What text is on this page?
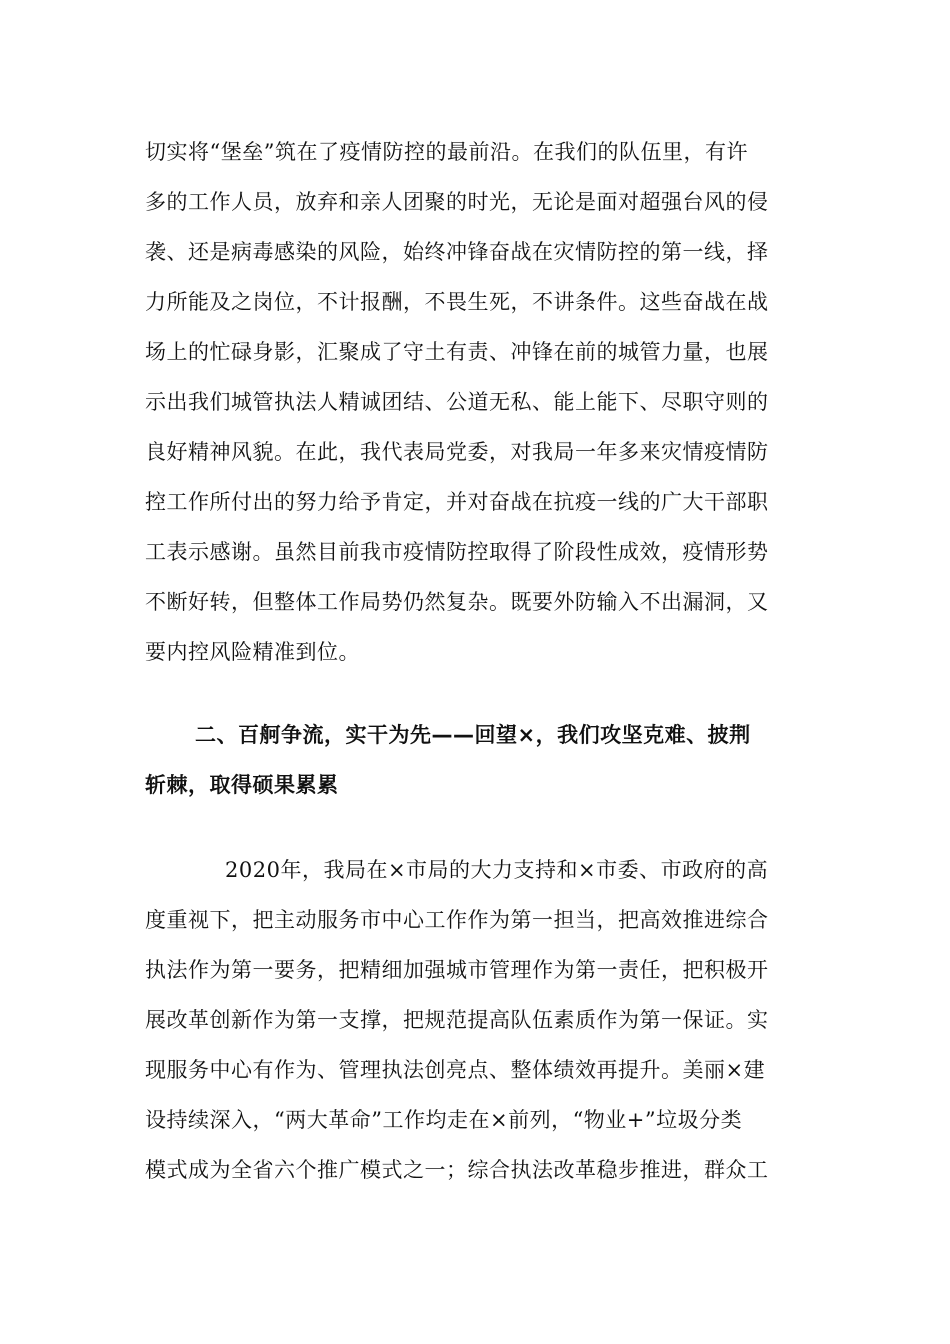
切实将“堡垒”筑在了疫情防控的最前沿。在我们的队伍里，有许
多的工作人员，放弃和亲人团聚的时光，无论是面对超强台风的侵
袭、还是病毒感染的风险，始终冲锋奋战在灾情防控的第一线，择
力所能及之岗位，不计报酬，不畏生死，不讲条件。这些奋战在战
场上的忙碌身影，汇聚成了守土有责、冲锋在前的城管力量，也展
示出我们城管执法人精诚团结、公道无私、能上能下、尽职守则的
良好精神风貌。在此，我代表局党委，对我局一年多来灾情疫情防
控工作所付出的努力给予肯定，并对奋战在抗疫一线的广大干部职
工表示感谢。虽然目前我市疫情防控取得了阶段性成效，疫情形势
不断好转，但整体工作局势仍然复杂。既要外防输入不出漏洞，又
要内控风险精准到位。
二、百舸争流，实干为先——回望×，我们攻坚克难、披荆
斩棘，取得硕果累累
2020年，我局在×市局的大力支持和×市委、市政府的高
度重视下，把主动服务市中心工作作为第一担当，把高效推进综合
执法作为第一要务，把精细加强城市管理作为第一责任，把积极开
展改革创新作为第一支撑，把规范提高队伍素质作为第一保证。实
现服务中心有作为、管理执法创亮点、整体绩效再提升。美丽×建
设持续深入，“两大革命”工作均走在×前列，“物业+”垃圾分类
模式成为全省六个推广模式之一；综合执法改革稳步推进，群众工
